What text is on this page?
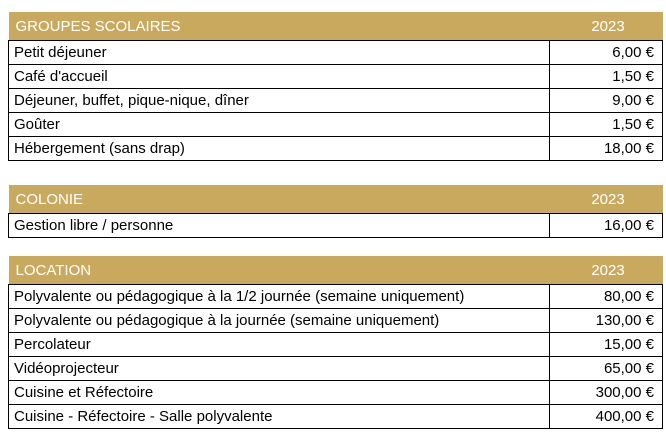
GROUPES SCOLAIRES	2023
Petit déjeuner	6,00 €
Café d'accueil	1,50 €
Déjeuner, buffet, pique-nique, dîner	9,00 €
Goûter	1,50 €
Hébergement (sans drap)	18,00 €
COLONIE	2023
Gestion libre / personne	16,00 €
LOCATION	2023
Polyvalente ou pédagogique à la 1/2 journée (semaine uniquement)	80,00 €
Polyvalente ou pédagogique à la journée (semaine uniquement)	130,00 €
Percolateur	15,00 €
Vidéoprojecteur	65,00 €
Cuisine et Réfectoire	300,00 €
Cuisine - Réfectoire - Salle polyvalente	400,00 €
